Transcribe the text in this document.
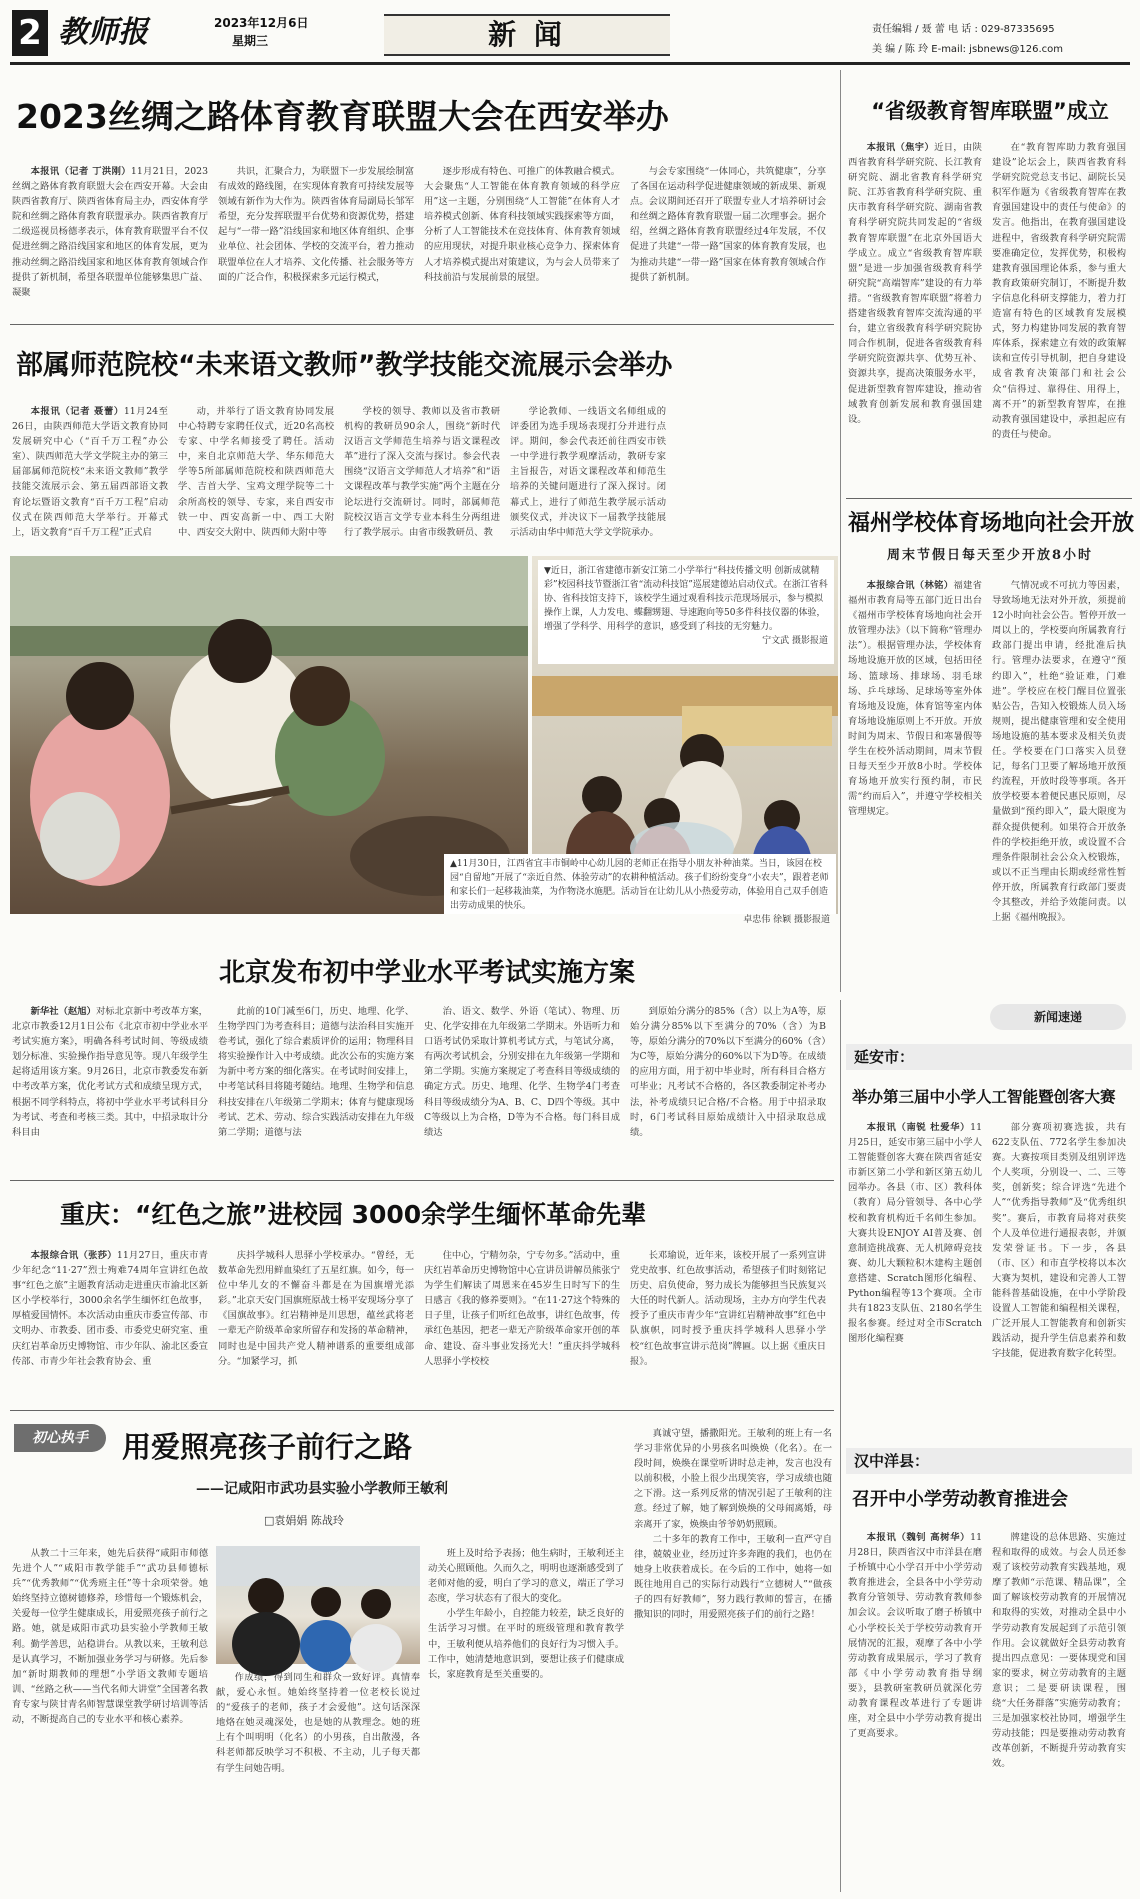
2 教师报	2023年12月6日
星期三	新 闻	责任编辑 / 聂 蕾 电 话 : 029-87335695
美 编 / 陈 玲 E-mail: jsbnews@126.com
2023丝绸之路体育教育联盟大会在西安举办

本报讯（记者 丁洪刚）11月21日，2023丝绸之路体育教育联盟大会在西安开幕。大会由陕西省教育厅、陕西省体育局主办，西安体育学院和丝绸之路体育教育联盟承办。陕西省教育厅二级巡视员杨德孝表示，体育教育联盟平台不仅促进丝绸之路沿线国家和地区的体育发展，更为推动丝绸之路沿线国家和地区体育教育领域合作提供了新机制，希望各联盟单位能够集思广益、凝聚

共识，汇聚合力，为联盟下一步发展绘制富有成效的路线图，在实现体育教育可持续发展等领域有新作为大作为。陕西省体育局副局长邹军希望，充分发挥联盟平台优势和资源优势，搭建起与“一带一路”沿线国家和地区体育组织、企事业单位、社会团体、学校的交流平台，着力推动联盟单位在人才培养、文化传播、社会服务等方面的广泛合作，积极探索多元运行模式，

逐步形成有特色、可推广的体教融合模式。大会聚焦“人工智能在体育教育领域的科学应用”这一主题，分别围绕“人工智能”在体育人才培养模式创新、体育科技领域实践探索等方面，分析了人工智能技术在竞技体育、体育教育领域的应用现状，对提升职业核心竞争力、探索体育人才培养模式提出对策建议，为与会人员带来了科技前沿与发展前景的展望。

与会专家围绕“一体同心，共筑健康”，分享了各国在运动科学促进健康领域的新成果、新观点。会议期间还召开了联盟专业人才培养研讨会和丝绸之路体育教育联盟一届二次理事会。据介绍，丝绸之路体育教育联盟经过4年发展，不仅促进了共建“一带一路”国家的体育教育发展，也为推动共建“一带一路”国家在体育教育领域合作提供了新机制。

“省级教育智库联盟”成立

本报讯（焦宇）近日，由陕西省教育科学研究院、长江教育研究院、湖北省教育科学研究院、江苏省教育科学研究院、重庆市教育科学研究院、湖南省教育科学研究院共同发起的“省级教育智库联盟”在北京外国语大学成立。成立“省级教育智库联盟”是进一步加强省级教育科学研究院“高端智库”建设的有力举措。“省级教育智库联盟”将着力搭建省级教育智库交流沟通的平台，建立省级教育科学研究院协同合作机制，促进各省级教育科学研究院资源共享、优势互补、资源共享，提高决策服务水平，促进新型教育智库建设，推动省域教育创新发展和教育强国建设。

在“教育智库助力教育强国建设”论坛会上，陕西省教育科学研究院党总支书记、副院长吴积军作题为《省级教育智库在教育强国建设中的责任与使命》的发言。他指出，在教育强国建设进程中，省级教育科学研究院需要准确定位，发挥优势，积极构建教育强国理论体系，参与重大教育政策研究制订，不断提升数字信息化科研支撑能力，着力打造富有特色的区域教育发展模式，努力构建协同发展的教育智库体系，探索建立有效的政策解读和宣传引导机制，把自身建设成省教育决策部门和社会公众“信得过、靠得住、用得上，离不开”的新型教育智库，在推动教育强国建设中，承担起应有的责任与使命。

福州学校体育场地向社会开放
周末节假日每天至少开放8小时

本报综合讯（林铭）福建省福州市教育局等五部门近日出台《福州市学校体育场地向社会开放管理办法》（以下简称“管理办法”）。根据管理办法，学校体育场地设施开放的区域，包括田径场、篮球场、排球场、羽毛球场、乒乓球场、足球场等室外体育场地及设施，体育馆等室内体育场地设施原则上不开放。开放时间为周末、节假日和寒暑假等学生在校外活动期间，周末节假日每天至少开放8小时。学校体育场地开放实行预约制，市民需“约而后入”，并遵守学校相关管理规定。

气情况或不可抗力等因素，导致场地无法对外开放，须提前12小时向社会公告。暂停开放一周以上的，学校要向所属教育行政部门提出申请，经批准后执行。管理办法要求，在遵守“预约即入”，杜绝“验证难，门难进”。学校应在校门醒目位置张贴公告，告知入校锻炼人员入场规则，提出健康管理和安全使用场地设施的基本要求及相关负责任。学校要在门口落实入员登记，每名门卫要了解场地开放预约流程，开放时段等事项。各开放学校要本着便民惠民原则，尽量做到“预约即入”，最大限度为群众提供便利。如果符合开放条件的学校拒绝开放，或设置不合理条件限制社会公众入校锻炼，或以不正当理由长期或经常性暂停开放，所属教育行政部门要责令其整改，并给予效能问责。以上据《福州晚报》。

部属师范院校“未来语文教师”教学技能交流展示会举办

本报讯（记者 聂蕾）11月24至26日，由陕西师范大学语文教育协同发展研究中心（“百千万工程”办公室）、陕西师范大学文学院主办的第三届部属师范院校“未来语文教师”教学技能交流展示会、第五届西部语文教育论坛暨语文教育“百千万工程”启动仪式在陕西师范大学举行。开幕式上，语文教育“百千万工程”正式启

动，并举行了语文教育协同发展中心特聘专家聘任仪式，近20名高校专家、中学名师接受了聘任。活动中，来自北京师范大学、华东师范大学等5所部属师范院校和陕西师范大学、吉首大学、宝鸡文理学院等二十余所高校的领导、专家，来自西安市铁一中、西安高新一中、西工大附中、西安交大附中、陕西师大附中等

学校的领导、教师以及省市教研机构的教研员90余人，围绕“新时代汉语言文学师范生培养与语文课程改革”进行了深入交流与探讨。参会代表围绕“汉语言文学师范人才培养”和“语文课程改革与教学实施”两个主题在分论坛进行交流研讨。同时，部属师范院校汉语言文学专业本科生分两组进行了教学展示。由省市级教研员、教

学论教师、一线语文名师组成的评委团为选手现场表现打分并进行点评。期间，参会代表还前往西安市铁一中学进行教学观摩活动，教研专家主旨报告，对语文课程改革和师范生培养的关键问题进行了深入探讨。闭幕式上，进行了师范生教学展示活动颁奖仪式，并决议下一届教学技能展示活动由华中师范大学文学院承办。

▼近日，浙江省建德市新安江第二小学举行“科技传播文明 创新成就精彩”校园科技节暨浙江省“流动科技馆”巡展建德站启动仪式。在浙江省科协、省科技馆支持下，该校学生通过观看科技示范现场展示，参与模拟操作上课，人力发电、蝶翻甥翅、导速跑向等50多件科技仪器的体验，增强了学科学、用科学的意识，感受到了科技的无穷魅力。
宁文武 摄影报道
▲11月30日，江西省宜丰市铜岭中心幼儿园的老师正在指导小朋友补种油菜。当日，该园在校园“自留地”开展了“亲近自然、体验劳动”的农耕种植活动。孩子们纷纷变身“小农夫”，跟着老师和家长们一起移栽油菜，为作物浇水施肥。活动旨在让幼儿从小热爱劳动，体验用自己双手创造出劳动成果的快乐。
卓忠伟 徐颖 摄影报道
北京发布初中学业水平考试实施方案

新华社（赵旭）对标北京新中考改革方案，北京市教委12月1日公布《北京市初中学业水平考试实施方案》，明确各科考试时间、等级成绩划分标准、实验操作指导意见等。现八年级学生起将适用该方案。9月26日，北京市教委发布新中考改革方案，优化考试方式和成绩呈现方式，根据不同学科特点，将初中学业水平考试科目分为考试、考查和考核三类。其中，中招录取计分科目由

此前的10门减至6门，历史、地理、化学、生物学四门为考查科目；道德与法治科目实施开卷考试，强化了综合素质评价的运用；物理科目将实验操作计入中考成绩。此次公布的实施方案为新中考方案的细化落实。在考试时间安排上，中考笔试科目将随考随结。地理、生物学和信息科技安排在八年级第二学期末；体育与健康现场考试、艺术、劳动、综合实践活动安排在九年级第二学期；道德与法

治、语文、数学、外语（笔试）、物理、历史、化学安排在九年级第二学期末。外语听力和口语考试仍采取计算机考试方式，与笔试分离，有两次考试机会，分别安排在九年级第一学期和第二学期。实施方案规定了考查科目等级成绩的确定方式。历史、地理、化学、生物学4门考查科目等级成绩分为A、B、C、D四个等级。其中C等级以上为合格，D等为不合格。每门科目成绩达

到原始分满分的85%（含）以上为A等，原始分满分85%以下至满分的70%（含）为B等，原始分满分的70%以下至满分的60%（含）为C等，原始分满分的60%以下为D等。在成绩的应用方面，用于初中毕业时，所有科目合格方可毕业；凡考试不合格的，各区教委制定补考办法，补考成绩只记合格/不合格。用于中招录取时，6门考试科目原始成绩计入中招录取总成绩。

重庆：“红色之旅”进校园 3000余学生缅怀革命先辈

本报综合讯（张莎）11月27日，重庆市青少年纪念“11·27”烈士殉难74周年宣讲红色故事“红色之旅”主题教育活动走进重庆市渝北区新区小学校举行，3000余名学生缅怀红色故事，厚植爱国情怀。本次活动由重庆市委宣传部、市文明办、市教委、团市委、市委党史研究室、重庆红岩革命历史博物馆、市少年队、渝北区委宣传部、市青少年社会教育协会、重

庆抖学城科人思驿小学校承办。“曾经，无数革命先烈用鲜血染红了五星红旗。如今，每一位中华儿女的不懈奋斗都是在为国旗增光添彩。”北京天安门国旗班原战士杨平安现场分享了《国旗故事》。红岩精神是川思想，蕴丝武将老一辈无产阶级革命家所留存和发扬的革命精神，同时也是中国共产党人精神谱系的重要组成部分。“加紧学习，抓

住中心，宁精勿杂，宁专勿多。”活动中，重庆红岩革命历史博物馆中心宣讲员讲解员熊张宁为学生们解读了周恩来在45岁生日时写下的生日感言《我的修养要则》。“在11·27这个特殊的日子里，让孩子们听红色故事，讲红色故事，传承红色基因，把老一辈无产阶级革命家开创的革命、建设、奋斗事业发扬光大！”重庆抖学城科人思驿小学校校

长邓瑜说，近年来，该校开展了一系列宣讲党史故事、红色故事活动，希望孩子们时刻铭记历史、启负使命，努力成长为能够担当民族复兴大任的时代新人。活动现场，主办方向学生代表授予了重庆市青少年“宣讲红岩精神故事”红色中队旗帜，同时授予重庆抖学城科人思驿小学校“红色故事宣讲示范岗”牌匾。以上据《重庆日报》。

初心执手	用爱照亮孩子前行之路
——记咸阳市武功县实验小学教师王敏利
□袁娟娟 陈战玲

从教二十三年来，她先后获得“咸阳市师德先进个人”“咸阳市教学能手”“武功县师德标兵”“优秀教师”“优秀班主任”等十余项荣誉。她始终坚持立德树德修养，珍惜每一个锻炼机会，关爱每一位学生健康成长，用爱照亮孩子前行之路。她，就是咸阳市武功县实验小学教师王敏利。勤学善思，站稳讲台。从教以来，王敏利总是认真学习，不断加强业务学习与研修。先后参加“新时期教师的理想”小学语文教师专题培训、“丝路之秋——当代名师大讲堂”全国著名教育专家与陕甘青名师智慧课堂教学研讨培训等活动，不断提高自己的专业水平和核心素养。

作成绩，得到同生和群众一致好评。真情奉献，爱心永恒。她始终坚持着一位老校长说过的“爱孩子的老师，孩子才会爱他”。这句话深深地烙在她灵魂深处，也是她的从教理念。她的班上有个叫明明（化名）的小男孩，自出散漫，各科老师都反映学习不积极、不主动，儿子每天都有学生问她告明。

班上及时给予表扬；他生病时，王敏利还主动关心照顾他。久而久之，明明也逐渐感受到了老师对他的爱，明白了学习的意义，端正了学习态度，学习状态有了很大的变化。

小学生年龄小，自控能力较差，缺乏良好的生活学习习惯。在平时的班级管理和教育教学中，王敏利便从培养他们的良好行为习惯入手。工作中，她清楚地意识到，要想让孩子们健康成长，家庭教育是至关重要的。

真诚守望，播撒阳光。王敏利的班上有一名学习非常优异的小男孩名叫焕焕（化名）。在一段时间，焕焕在课堂听讲时总走神，发言也没有以前积极，小脸上很少出现笑容，学习成绩也随之下滑。这一系列反常的情况引起了王敏利的注意。经过了解，她了解到焕焕的父母闹离婚，母亲离开了家，焕焕由爷爷奶奶照顾。

二十多年的教育工作中，王敏利一直严守自律，兢兢业业，经历过许多奔跑的我们，也仍在她身上收获着成长。在今后的工作中，她将一如既往地用自己的实际行动践行“立德树人”“做孩子的四有好教师”，努力践行教师的誓言，在播撒知识的同时，用爱照亮孩子们的前行之路！

新闻速递
延安市：
举办第三届中小学人工智能暨创客大赛

本报讯（南锐 杜爱华）11月25日，延安市第三届中小学人工智能暨创客大赛在陕西省延安市新区第二小学和新区第五幼儿园举办。各县（市、区）教科体（教育）局分管领导、各中心学校和教育机构近千名师生参加。大赛共设ENJOY AI普及赛、创意制造挑战赛、无人机障碍竞技赛、幼儿大颗粒积木建构主题创意搭建、Scratch图形化编程、Python编程等13个赛项。全市共有1823支队伍、2180名学生报名参赛。经过对全市Scratch图形化编程赛

部分赛项初赛选拔，共有622支队伍、772名学生参加决赛。大赛按项目类别及组别评选个人奖项，分别设一、二、三等奖，创新奖；综合评选“先进个人”“优秀指导教师”及“优秀组织奖”。赛后，市教育局将对获奖个人及单位进行通报表彰，并颁发荣誉证书。下一步，各县（市、区）和市直学校将以本次大赛为契机，建设和完善人工智能科普基础设施，在中小学阶段设置人工智能和编程相关课程，广泛开展人工智能教育和创新实践活动，提升学生信息素养和数字技能，促进教育数字化转型。

汉中洋县：
召开中小学劳动教育推进会

本报讯（魏钊 高树华）11月28日，陕西省汉中市洋县在磨子桥镇中心小学召开中小学劳动教育推进会，全县各中小学劳动教育分管领导、劳动教育教师参加会议。会议听取了磨子桥镇中心小学校长关于学校劳动教育开展情况的汇报，观摩了各中小学劳动教育成果展示，学习了教育部《中小学劳动教育指导纲要》，县教研室教研员就深化劳动教育课程改革进行了专题讲座，对全县中小学劳动教育提出了更高要求。

牌建设的总体思路、实施过程和取得的成效。与会人员还参观了该校劳动教育实践基地，观摩了教师“示范课、精品课”，全面了解该校劳动教育的开展情况和取得的实效，对推动全县中小学劳动教育发展起到了示范引领作用。会议就做好全县劳动教育提出四点意见：一要体现党和国家的要求，树立劳动教育的主题意识；二是要研读课程，围绕“大任务群落”实施劳动教育；三是加强家校社协同，增强学生劳动技能；四是要推动劳动教育改革创新，不断提升劳动教育实效。
